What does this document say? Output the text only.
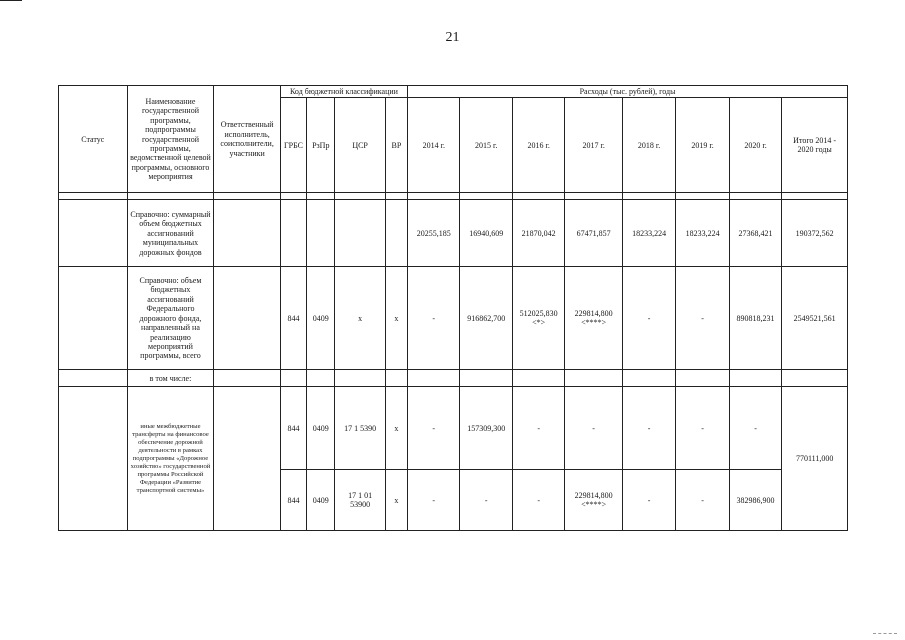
21
Статус	Наименование государственной программы, подпрограммы государственной программы, ведомственной целевой программы, основного мероприятия	Ответственный исполнитель, соисполнители, участники	Код бюджетной классификации				Расходы (тыс. рублей), годы							
			ГРБС	РзПр	ЦСР	ВР	2014 г.	2015 г.	2016 г.	2017 г.	2018 г.	2019 г.	2020 г.	Итого 2014 - 2020 годы

	Справочно: суммарный объем бюджетных ассигнований муниципальных дорожных фондов						20255,185	16940,609	21870,042	67471,857	18233,224	18233,224	27368,421	190372,562
	Справочно: объем бюджетных ассигнований Федерального дорожного фонда, направленный на реализацию мероприятий программы, всего		844	0409	х	х	-	916862,700	512025,830 <*>	229814,800 <****>	-	-	890818,231	2549521,561
	в том числе:													
	иные межбюджетные трансферты на финансовое обеспечение дорожной деятельности в рамках подпрограммы «Дорожное хозяйство» государственной программы Российской Федерации «Развитие транспортной системы»		844	0409	17 1 5390	х	-	157309,300	-	-	-	-	-	770111,000
			844	0409	17 1 01 53900	х	-	-	-	229814,800 <****>	-	-	382986,900	
